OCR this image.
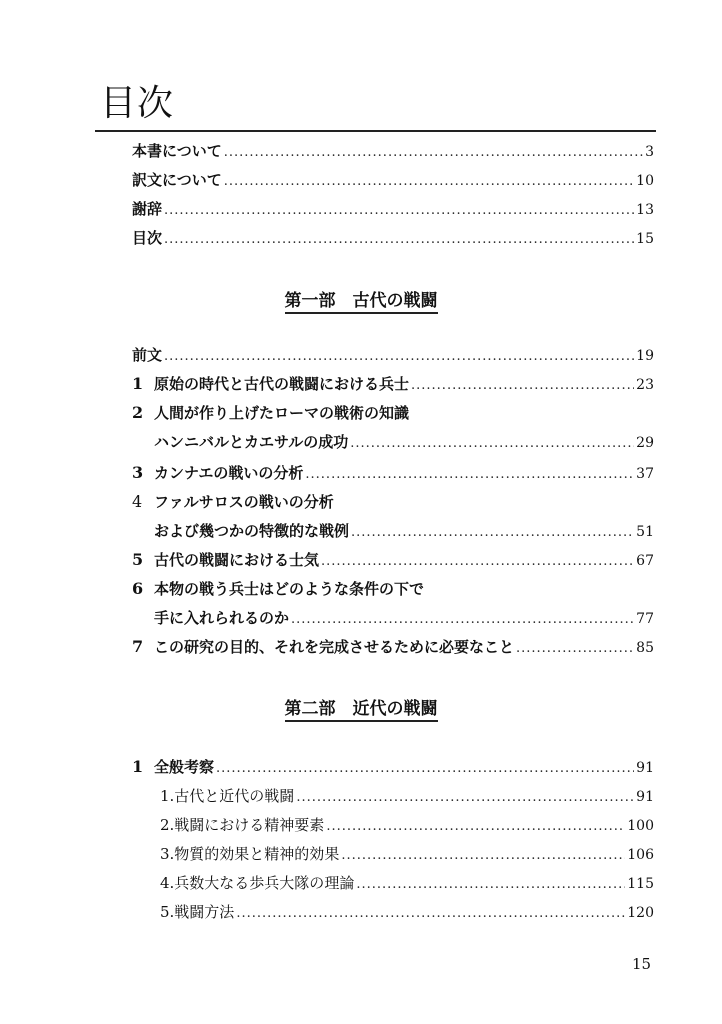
目次
本書について .....	3
訳文について .....	10
謝辞 .....	13
目次 .....	15
第一部　古代の戦闘
前文 .....	19
1 原始の時代と古代の戦闘における兵士 .....	23
2 人間が作り上げたローマの戦術の知識
ハンニバルとカエサルの成功 .....	29
3 カンナエの戦いの分析 .....	37
4 ファルサロスの戦いの分析
および幾つかの特徴的な戦例 .....	51
5 古代の戦闘における士気 .....	67
6 本物の戦う兵士はどのような条件の下で
手に入れられるのか .....	77
7 この研究の目的、それを完成させるために必要なこと .....	85
第二部　近代の戦闘
1 全般考察 .....	91
1.古代と近代の戦闘 .....	91
2.戦闘における精神要素 .....	100
3.物質的効果と精神的効果 .....	106
4.兵数大なる歩兵大隊の理論 .....	115
5.戦闘方法 .....	120
15
